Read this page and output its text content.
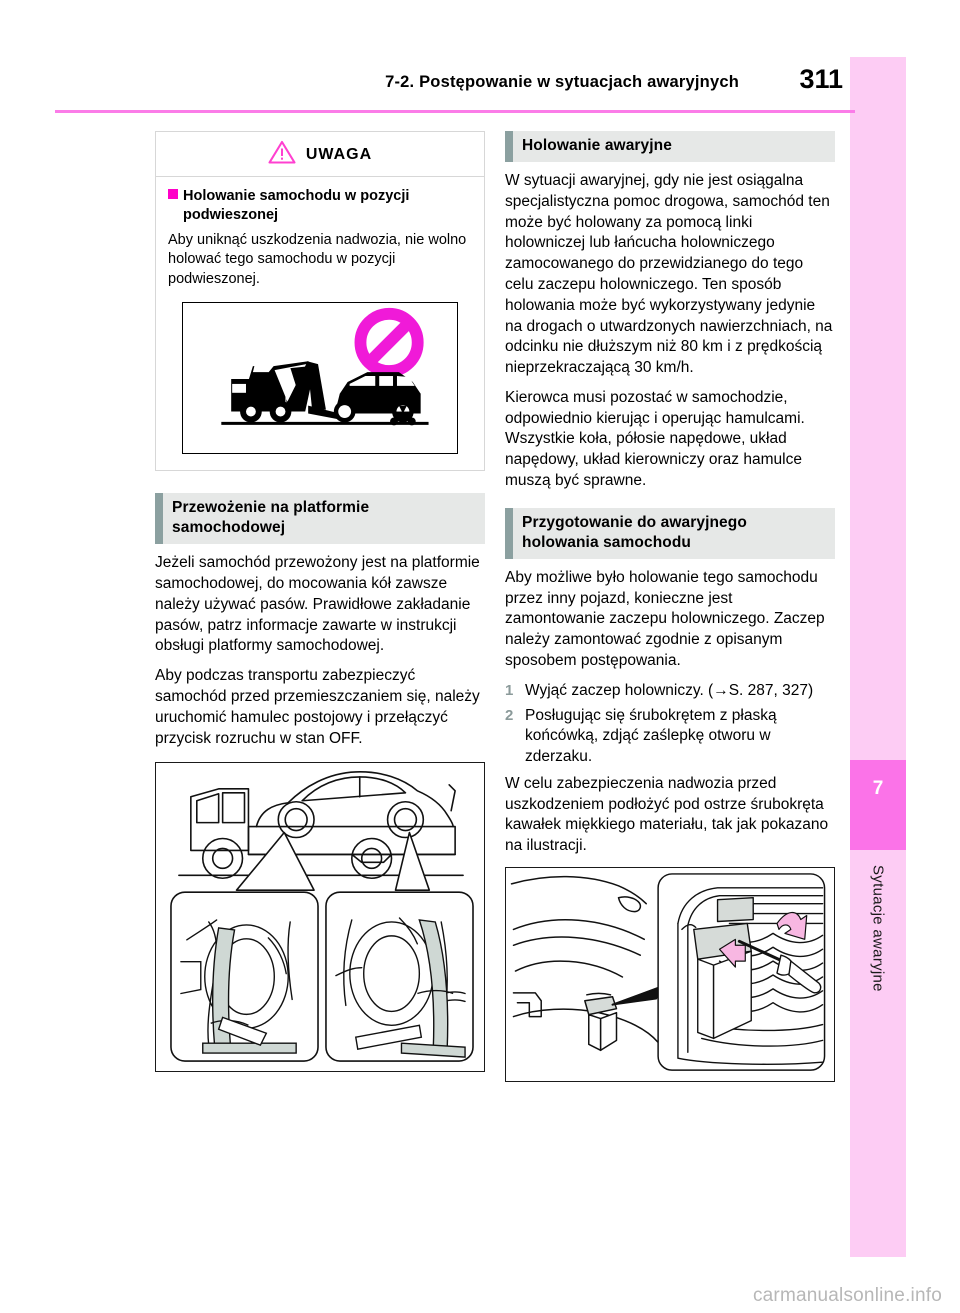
7
Sytuacje awaryjne
7-2. Postępowanie w sytuacjach awaryjnych 311
UWAGA

Holowanie samochodu w pozycji podwieszonej

Aby uniknąć uszkodzenia nadwozia, nie wolno holować tego samochodu w pozycji podwieszonej.

Przewożenie na platformie samochodowej

Jeżeli samochód przewożony jest na platformie samochodowej, do mocowania kół zawsze należy używać pasów. Prawidłowe zakładanie pasów, patrz informacje zawarte w instrukcji obsługi platformy samochodowej.

Aby podczas transportu zabezpieczyć samochód przed przemieszczaniem się, należy uruchomić hamulec postojowy i przełączyć przycisk rozruchu w stan OFF.

Holowanie awaryjne

W sytuacji awaryjnej, gdy nie jest osiągalna specjalistyczna pomoc drogowa, samochód ten może być holowany za pomocą linki holowniczej lub łańcucha holowniczego zamocowanego do przewidzianego do tego celu zaczepu holowniczego. Ten sposób holowania może być wykorzystywany jedynie na drogach o utwardzonych nawierzchniach, na odcinku nie dłuższym niż 80 km i z prędkością nieprzekraczającą 30 km/h.

Kierowca musi pozostać w samochodzie, odpowiednio kierując i operując hamulcami. Wszystkie koła, półosie napędowe, układ napędowy, układ kierowniczy oraz hamulce muszą być sprawne.

Przygotowanie do awaryjnego holowania samochodu

Aby możliwe było holowanie tego samochodu przez inny pojazd, konieczne jest zamontowanie zaczepu holowniczego. Zaczep należy zamontować zgodnie z opisanym sposobem postępowania.

1 Wyjąć zaczep holowniczy. (→S. 287, 327)
2 Posługując się śrubokrętem z płaską końcówką, zdjąć zaślepkę otworu w zderzaku.

W celu zabezpieczenia nadwozia przed uszkodzeniem podłożyć pod ostrze śrubokręta kawałek miękkiego materiału, tak jak pokazano na ilustracji.

carmanualsonline.info
